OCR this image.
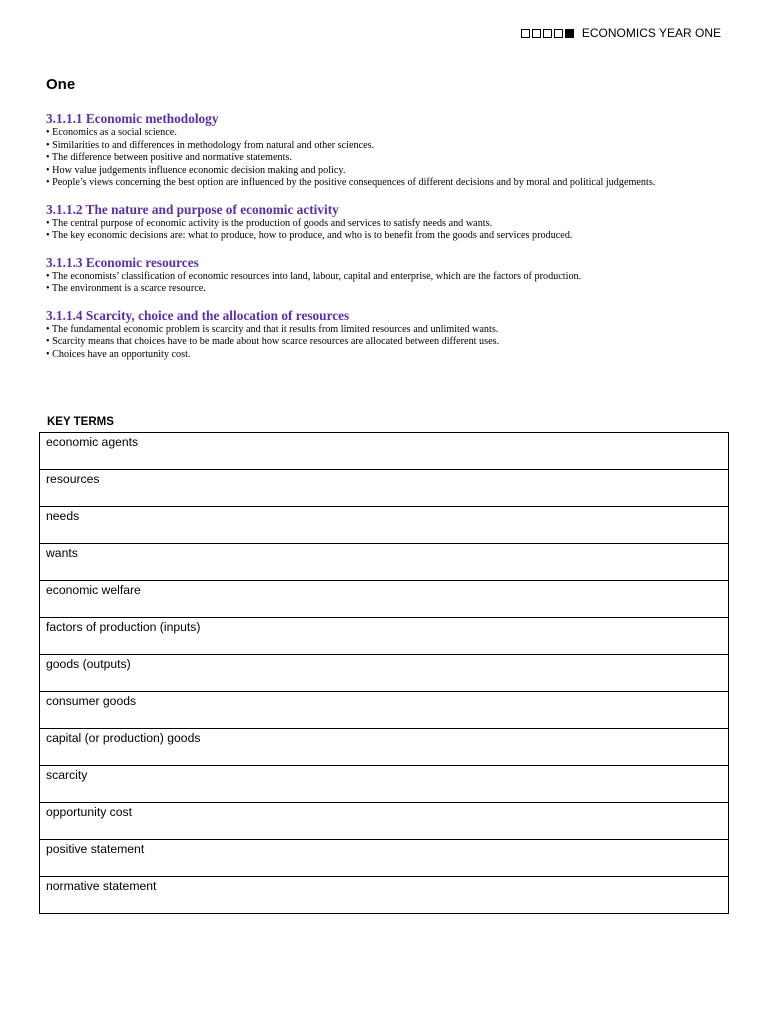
ECONOMICS YEAR ONE
One
3.1.1.1 Economic methodology
• Economics as a social science.
• Similarities to and differences in methodology from natural and other sciences.
• The difference between positive and normative statements.
• How value judgements influence economic decision making and policy.
• People’s views concerning the best option are influenced by the positive consequences of different decisions and by moral and political judgements.
3.1.1.2 The nature and purpose of economic activity
• The central purpose of economic activity is the production of goods and services to satisfy needs and wants.
• The key economic decisions are: what to produce, how to produce, and who is to benefit from the goods and services produced.
3.1.1.3 Economic resources
• The economists’ classification of economic resources into land, labour, capital and enterprise, which are the factors of production.
• The environment is a scarce resource.
3.1.1.4 Scarcity, choice and the allocation of resources
• The fundamental economic problem is scarcity and that it results from limited resources and unlimited wants.
• Scarcity means that choices have to be made about how scarce resources are allocated between different uses.
• Choices have an opportunity cost.
KEY TERMS
economic agents
resources
needs
wants
economic welfare
factors of production (inputs)
goods (outputs)
consumer goods
capital (or production) goods
scarcity
opportunity cost
positive statement
normative statement
